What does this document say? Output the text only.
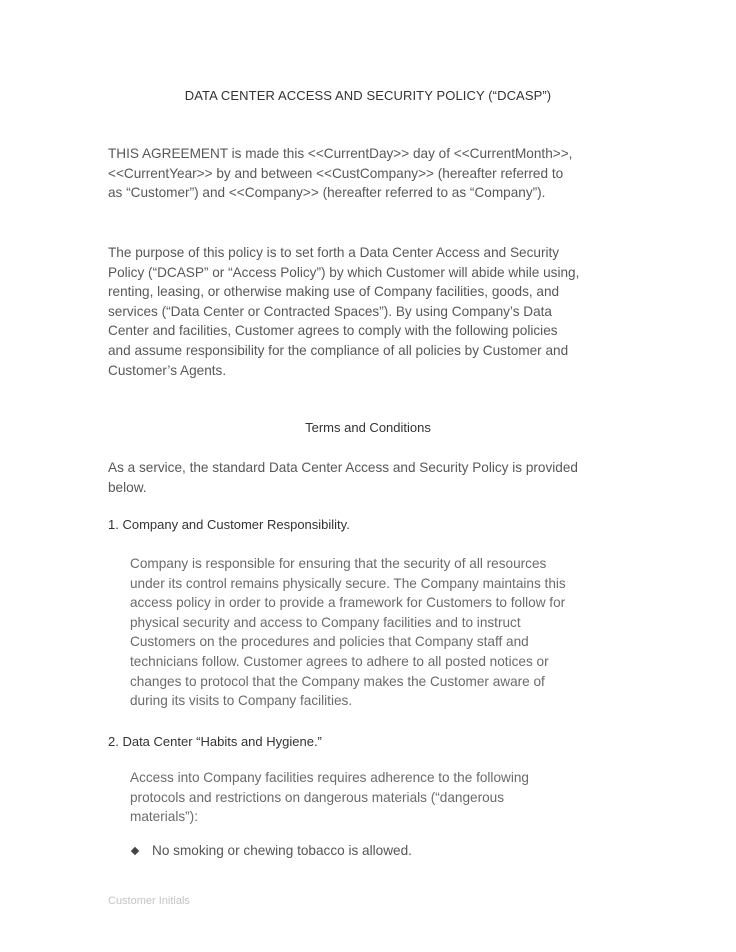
DATA CENTER ACCESS AND SECURITY POLICY (“DCASP”)
THIS AGREEMENT is made this <<CurrentDay>> day of <<CurrentMonth>>,
<<CurrentYear>> by and between <<CustCompany>> (hereafter referred to
as “Customer”) and <<Company>> (hereafter referred to as “Company”).
The purpose of this policy is to set forth a Data Center Access and Security
Policy (“DCASP” or “Access Policy”) by which Customer will abide while using,
renting, leasing, or otherwise making use of Company facilities, goods, and
services (“Data Center or Contracted Spaces”). By using Company’s Data
Center and facilities, Customer agrees to comply with the following policies
and assume responsibility for the compliance of all policies by Customer and
Customer’s Agents.
Terms and Conditions
As a service, the standard Data Center Access and Security Policy is provided
below.
1. Company and Customer Responsibility.
Company is responsible for ensuring that the security of all resources
under its control remains physically secure. The Company maintains this
access policy in order to provide a framework for Customers to follow for
physical security and access to Company facilities and to instruct
Customers on the procedures and policies that Company staff and
technicians follow. Customer agrees to adhere to all posted notices or
changes to protocol that the Company makes the Customer aware of
during its visits to Company facilities.
2. Data Center “Habits and Hygiene.”
Access into Company facilities requires adherence to the following
protocols and restrictions on dangerous materials (“dangerous
materials”):
No smoking or chewing tobacco is allowed.
Customer Initials
